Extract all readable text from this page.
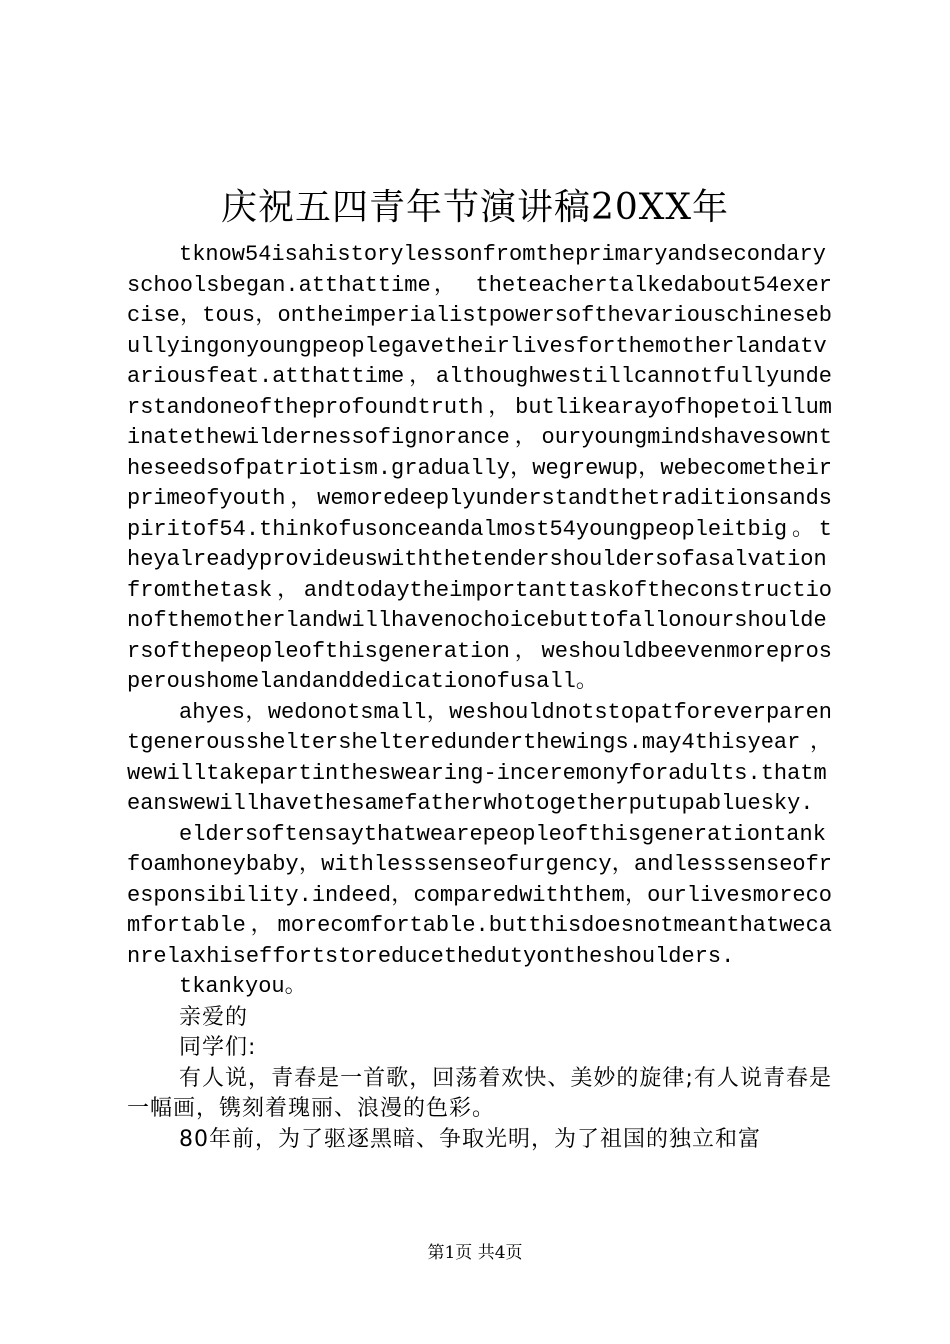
庆祝五四青年节演讲稿20XX年

tknow54isahistorylessonfromtheprimaryandsecondaryschoolsbegan.atthattime， theteachertalkedabout54exercise，tous，ontheimperialistpowersofthevariouschinesebullyingonyoungpeoplegavetheirlivesforthemotherlandatvariousfeat.atthattime，althoughwestillcannotfullyunderstandoneoftheprofoundtruth，butlikearayofhopetoilluminatethewildernessofignorance，ouryoungmindshavesowntheseedsofpatriotism.gradually，wegrewup，webecometheirprimeofyouth，wemoredeeplyunderstandthetraditionsandspiritof54.thinkofusonceandalmost54youngpeopleitbig。theyalreadyprovideuswiththetendershouldersofasalvationfromthetask，andtodaytheimportanttaskoftheconstructionofthemotherlandwillhavenochoicebuttofallonourshouldersofthepeopleofthisgeneration，weshouldbeevenmoreprosperoushomelandanddedicationofusall。

ahyes，wedonotsmall，weshouldnotstopatforeverparentgeneroussheltershelteredunderthewings.may4thisyear，wewilltakepartintheswearing-inceremonyforadults.thatmeanswewillhavethesamefatherwhotogetherputupabluesky.

eldersoftensaythatwearepeopleofthisgenerationtankfoamhoneybaby，withlesssenseofurgency，andlesssenseofresponsibility.indeed，comparedwiththem，ourlivesmorecomfortable，morecomfortable.butthisdoesnotmeanthatwecanrelaxhiseffortstoreducethedutyontheshoulders.

tkankyou。

亲爱的

同学们:

有人说，青春是一首歌，回荡着欢快、美妙的旋律;有人说青春是一幅画，镌刻着瑰丽、浪漫的色彩。

80年前，为了驱逐黑暗、争取光明，为了祖国的独立和富

第1页 共4页
